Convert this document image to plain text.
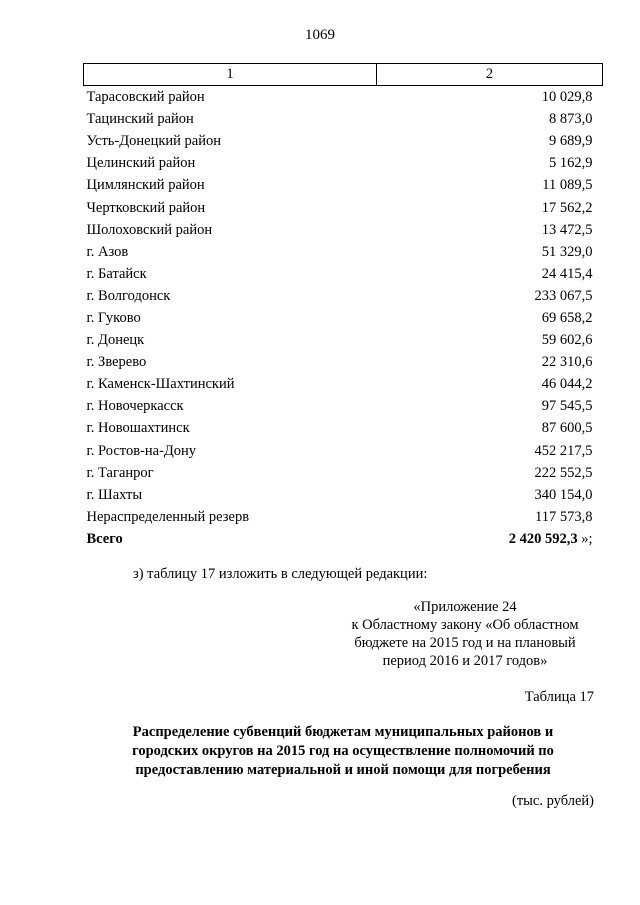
1069
1	2
Тарасовский район	10 029,8
Тацинский район	8 873,0
Усть-Донецкий район	9 689,9
Целинский район	5 162,9
Цимлянский район	11 089,5
Чертковский район	17 562,2
Шолоховский район	13 472,5
г. Азов	51 329,0
г. Батайск	24 415,4
г. Волгодонск	233 067,5
г. Гуково	69 658,2
г. Донецк	59 602,6
г. Зверево	22 310,6
г. Каменск-Шахтинский	46 044,2
г. Новочеркасск	97 545,5
г. Новошахтинск	87 600,5
г. Ростов-на-Дону	452 217,5
г. Таганрог	222 552,5
г. Шахты	340 154,0
Нераспределенный резерв	117 573,8
Всего	2 420 592,3 »;
з) таблицу 17 изложить в следующей редакции:
«Приложение 24
к Областному закону «Об областном
бюджете на 2015 год и на плановый
период 2016 и 2017 годов»
Таблица 17
Распределение субвенций бюджетам муниципальных районов и
городских округов на 2015 год на осуществление полномочий по
предоставлению материальной и иной помощи для погребения
(тыс. рублей)
